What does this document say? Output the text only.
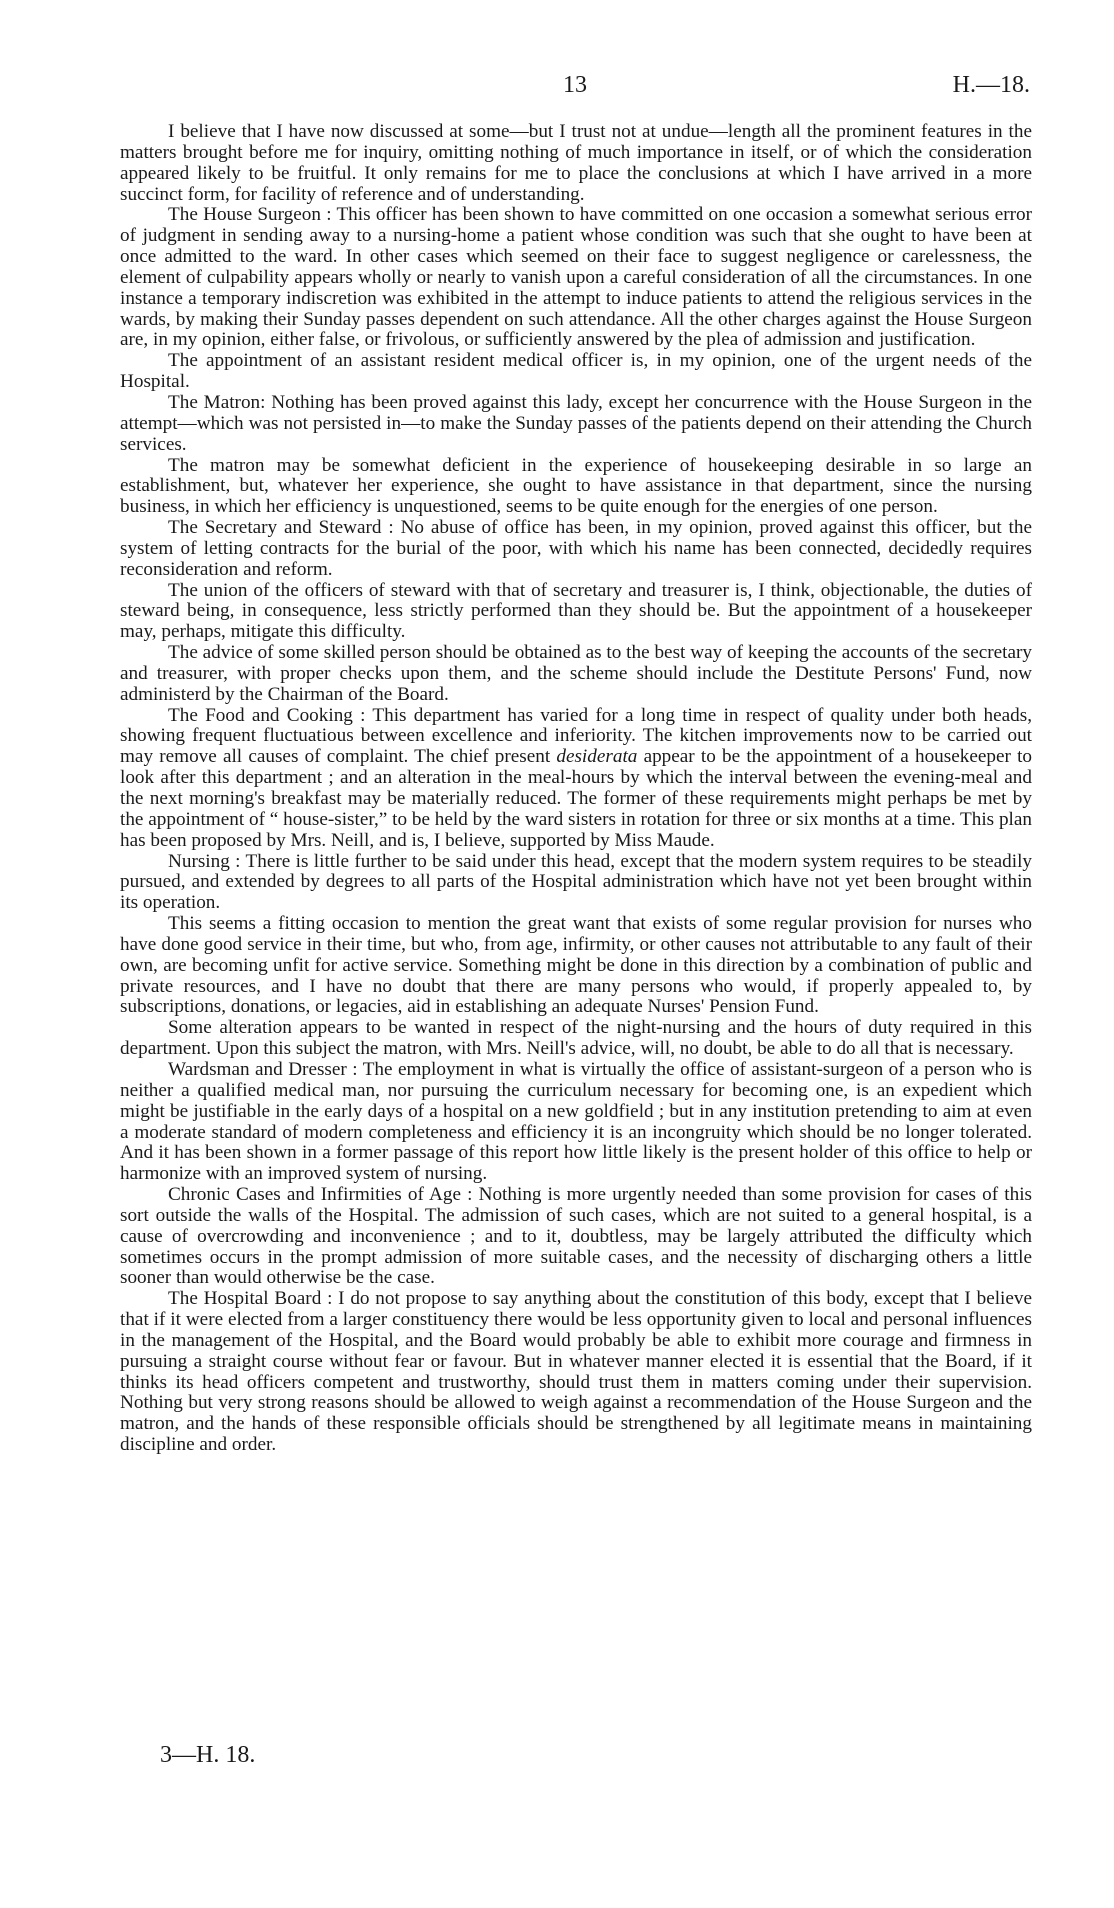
13	H.—18.

I believe that I have now discussed at some—but I trust not at undue—length all the prominent features in the matters brought before me for inquiry, omitting nothing of much importance in itself, or of which the consideration appeared likely to be fruitful. It only remains for me to place the conclusions at which I have arrived in a more succinct form, for facility of reference and of understanding.

The House Surgeon : This officer has been shown to have committed on one occasion a somewhat serious error of judgment in sending away to a nursing-home a patient whose condition was such that she ought to have been at once admitted to the ward. In other cases which seemed on their face to suggest negligence or carelessness, the element of culpability appears wholly or nearly to vanish upon a careful consideration of all the circumstances. In one instance a temporary indiscretion was exhibited in the attempt to induce patients to attend the religious services in the wards, by making their Sunday passes dependent on such attendance. All the other charges against the House Surgeon are, in my opinion, either false, or frivolous, or sufficiently answered by the plea of admission and justification.

The appointment of an assistant resident medical officer is, in my opinion, one of the urgent needs of the Hospital.

The Matron: Nothing has been proved against this lady, except her concurrence with the House Surgeon in the attempt—which was not persisted in—to make the Sunday passes of the patients depend on their attending the Church services.

The matron may be somewhat deficient in the experience of housekeeping desirable in so large an establishment, but, whatever her experience, she ought to have assistance in that department, since the nursing business, in which her efficiency is unquestioned, seems to be quite enough for the energies of one person.

The Secretary and Steward : No abuse of office has been, in my opinion, proved against this officer, but the system of letting contracts for the burial of the poor, with which his name has been connected, decidedly requires reconsideration and reform.

The union of the officers of steward with that of secretary and treasurer is, I think, objectionable, the duties of steward being, in consequence, less strictly performed than they should be. But the appointment of a housekeeper may, perhaps, mitigate this difficulty.

The advice of some skilled person should be obtained as to the best way of keeping the accounts of the secretary and treasurer, with proper checks upon them, and the scheme should include the Destitute Persons' Fund, now administerd by the Chairman of the Board.

The Food and Cooking : This department has varied for a long time in respect of quality under both heads, showing frequent fluctuatious between excellence and inferiority. The kitchen improvements now to be carried out may remove all causes of complaint. The chief present desiderata appear to be the appointment of a housekeeper to look after this department ; and an alteration in the meal-hours by which the interval between the evening-meal and the next morning's breakfast may be materially reduced. The former of these requirements might perhaps be met by the appointment of “ house-sister,” to be held by the ward sisters in rotation for three or six months at a time. This plan has been proposed by Mrs. Neill, and is, I believe, supported by Miss Maude.

Nursing : There is little further to be said under this head, except that the modern system requires to be steadily pursued, and extended by degrees to all parts of the Hospital administration which have not yet been brought within its operation.

This seems a fitting occasion to mention the great want that exists of some regular provision for nurses who have done good service in their time, but who, from age, infirmity, or other causes not attributable to any fault of their own, are becoming unfit for active service. Something might be done in this direction by a combination of public and private resources, and I have no doubt that there are many persons who would, if properly appealed to, by subscriptions, donations, or legacies, aid in establishing an adequate Nurses' Pension Fund.

Some alteration appears to be wanted in respect of the night-nursing and the hours of duty required in this department. Upon this subject the matron, with Mrs. Neill's advice, will, no doubt, be able to do all that is necessary.

Wardsman and Dresser : The employment in what is virtually the office of assistant-surgeon of a person who is neither a qualified medical man, nor pursuing the curriculum necessary for becoming one, is an expedient which might be justifiable in the early days of a hospital on a new goldfield ; but in any institution pretending to aim at even a moderate standard of modern completeness and efficiency it is an incongruity which should be no longer tolerated. And it has been shown in a former passage of this report how little likely is the present holder of this office to help or harmonize with an improved system of nursing.

Chronic Cases and Infirmities of Age : Nothing is more urgently needed than some provision for cases of this sort outside the walls of the Hospital. The admission of such cases, which are not suited to a general hospital, is a cause of overcrowding and inconvenience ; and to it, doubtless, may be largely attributed the difficulty which sometimes occurs in the prompt admission of more suitable cases, and the necessity of discharging others a little sooner than would otherwise be the case.

The Hospital Board : I do not propose to say anything about the constitution of this body, except that I believe that if it were elected from a larger constituency there would be less opportunity given to local and personal influences in the management of the Hospital, and the Board would probably be able to exhibit more courage and firmness in pursuing a straight course without fear or favour. But in whatever manner elected it is essential that the Board, if it thinks its head officers competent and trustworthy, should trust them in matters coming under their supervision. Nothing but very strong reasons should be allowed to weigh against a recommendation of the House Surgeon and the matron, and the hands of these responsible officials should be strengthened by all legitimate means in maintaining discipline and order.

3—H. 18.
